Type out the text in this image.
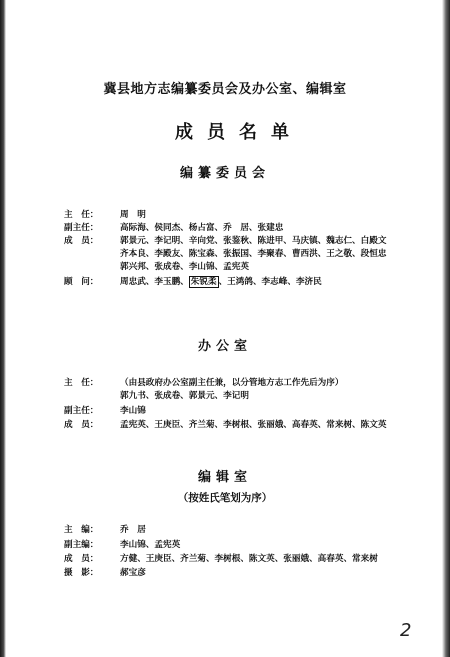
冀县地方志编纂委员会及办公室、编辑室
成员名单
编纂委员会
主　任：	周　明
副主任：	高际海、侯同杰、杨占富、乔　居、张建忠
成　员：	郭景元、李记明、辛向党、张鉴秋、陈进甲、马庆镇、魏志仁、白殿文
齐本良、李殿友、陈宝森、张振国、李聚春、曹西洪、王之敬、段恒忠
郭兴邦、张成卷、李山锦、孟宪英
顾　问：	周忠武、李玉鹏、 朱锐柔 、王鸿鸽、李志峰、李济民
办公室
主　任：	（由县政府办公室副主任兼，以分管地方志工作先后为序）
郭九书、张成卷、郭景元、李记明
副主任：	李山锦
成　员：	孟宪英、王庚臣、齐兰菊、李树根、张丽娥、高春英、常来树、陈文英
编辑室
（按姓氏笔划为序）
主　编：	乔　居
副主编：	李山锦、孟宪英
成　员：	方健、王庚臣、齐兰菊、李树根、陈文英、张丽娥、高春英、常来树
摄　影：	郝宝彦
2
